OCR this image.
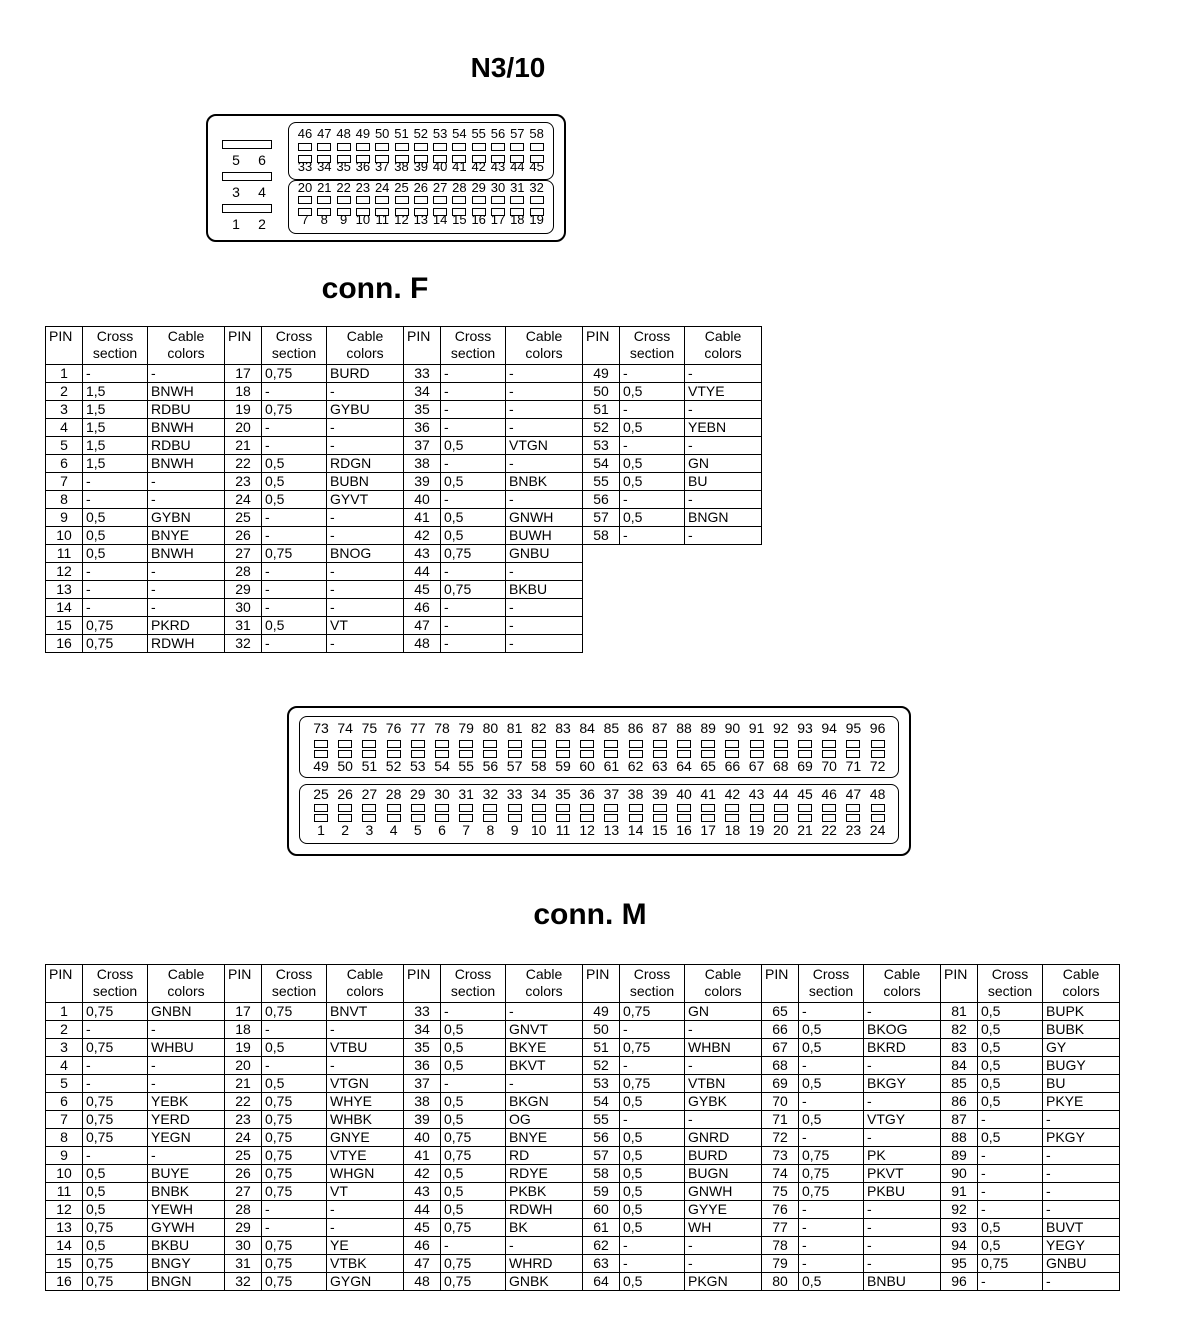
N3/10
5	6
3	4
1	2
46 47 48 49 50 51 52 53 54 55 56 57 58
33 34 35 36 37 38 39 40 41 42 43 44 45
20 21 22 23 24 25 26 27 28 29 30 31 32
7 8 9 10 11 12 13 14 15 16 17 18 19
conn. F
PIN	Cross section	Cable colors	PIN	Cross section	Cable colors	PIN	Cross section	Cable colors	PIN	Cross section	Cable colors
1	-	-	17	0,75	BURD	33	-	-	49	-	-
2	1,5	BNWH	18	-	-	34	-	-	50	0,5	VTYE
3	1,5	RDBU	19	0,75	GYBU	35	-	-	51	-	-
4	1,5	BNWH	20	-	-	36	-	-	52	0,5	YEBN
5	1,5	RDBU	21	-	-	37	0,5	VTGN	53	-	-
6	1,5	BNWH	22	0,5	RDGN	38	-	-	54	0,5	GN
7	-	-	23	0,5	BUBN	39	0,5	BNBK	55	0,5	BU
8	-	-	24	0,5	GYVT	40	-	-	56	-	-
9	0,5	GYBN	25	-	-	41	0,5	GNWH	57	0,5	BNGN
10	0,5	BNYE	26	-	-	42	0,5	BUWH	58	-	-
11	0,5	BNWH	27	0,75	BNOG	43	0,75	GNBU			
12	-	-	28	-	-	44	-	-			
13	-	-	29	-	-	45	0,75	BKBU			
14	-	-	30	-	-	46	-	-			
15	0,75	PKRD	31	0,5	VT	47	-	-			
16	0,75	RDWH	32	-	-	48	-	-			
73 74 75 76 77 78 79 80 81 82 83 84 85 86 87 88 89 90 91 92 93 94 95 96
49 50 51 52 53 54 55 56 57 58 59 60 61 62 63 64 65 66 67 68 69 70 71 72
25 26 27 28 29 30 31 32 33 34 35 36 37 38 39 40 41 42 43 44 45 46 47 48
1	2	3	4	5	6	7	8	9 10 11 12 13 14 15 16 17 18 19 20 21 22 23 24
conn. M
PIN	Cross section	Cable colors	PIN	Cross section	Cable colors	PIN	Cross section	Cable colors	PIN	Cross section	Cable colors	PIN	Cross section	Cable colors	PIN	Cross section	Cable colors
1	0,75	GNBN	17	0,75	BNVT	33	-	-	49	0,75	GN	65	-	-	81	0,5	BUPK
2	-	-	18	-	-	34	0,5	GNVT	50	-	-	66	0,5	BKOG	82	0,5	BUBK
3	0,75	WHBU	19	0,5	VTBU	35	0,5	BKYE	51	0,75	WHBN	67	0,5	BKRD	83	0,5	GY
4	-	-	20	-	-	36	0,5	BKVT	52	-	-	68	-	-	84	0,5	BUGY
5	-	-	21	0,5	VTGN	37	-	-	53	0,75	VTBN	69	0,5	BKGY	85	0,5	BU
6	0,75	YEBK	22	0,75	WHYE	38	0,5	BKGN	54	0,5	GYBK	70	-	-	86	0,5	PKYE
7	0,75	YERD	23	0,75	WHBK	39	0,5	OG	55	-	-	71	0,5	VTGY	87	-	-
8	0,75	YEGN	24	0,75	GNYE	40	0,75	BNYE	56	0,5	GNRD	72	-	-	88	0,5	PKGY
9	-	-	25	0,75	VTYE	41	0,75	RD	57	0,5	BURD	73	0,75	PK	89	-	-
10	0,5	BUYE	26	0,75	WHGN	42	0,5	RDYE	58	0,5	BUGN	74	0,75	PKVT	90	-	-
11	0,5	BNBK	27	0,75	VT	43	0,5	PKBK	59	0,5	GNWH	75	0,75	PKBU	91	-	-
12	0,5	YEWH	28	-	-	44	0,5	RDWH	60	0,5	GYYE	76	-	-	92	-	-
13	0,75	GYWH	29	-	-	45	0,75	BK	61	0,5	WH	77	-	-	93	0,5	BUVT
14	0,5	BKBU	30	0,75	YE	46	-	-	62	-	-	78	-	-	94	0,5	YEGY
15	0,75	BNGY	31	0,75	VTBK	47	0,75	WHRD	63	-	-	79	-	-	95	0,75	GNBU
16	0,75	BNGN	32	0,75	GYGN	48	0,75	GNBK	64	0,5	PKGN	80	0,5	BNBU	96	-	-
